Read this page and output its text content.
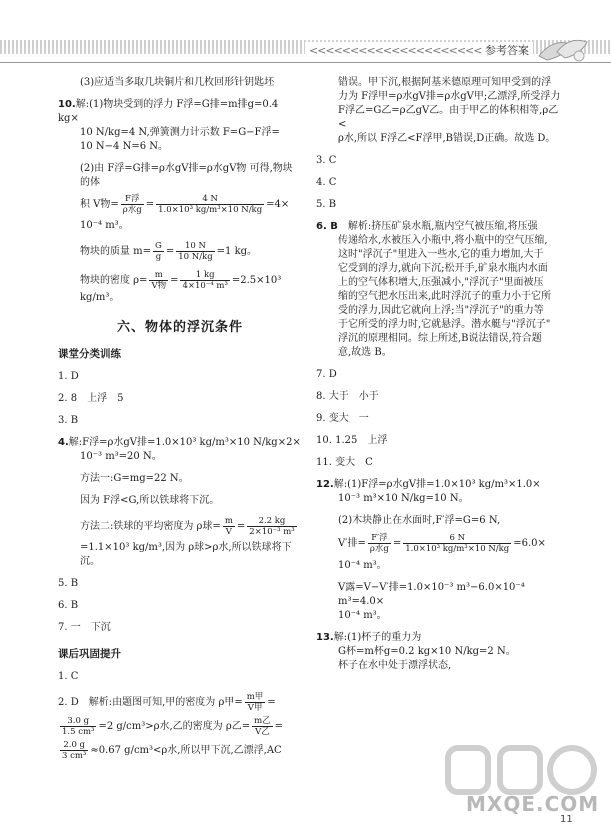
<<<<<<<<<<<<<<<<<<<<< 参考答案
(3)应适当多取几块铜片和几枚回形针钥匙坯
10.解:(1)物块受到的浮力 F浮=G排=m排g=0.4 kg×
10 N/kg=4 N,弹簧测力计示数 F=G−F浮=
10 N−4 N=6 N。
(2)由 F浮=G排=ρ水gV排=ρ水gV物 可得,物块的体
积 V物= $\frac{\text{F浮}}{\text{ρ水g}} = \frac{4 N}{\text{1.0×10³ kg/m³×10 N/kg}} =4\times$
10⁻⁴ m³。
物块的质量 $m= \frac{G}{g} = \frac{10 N}{10 N/kg} =1$ kg。
物块的密度 $\rho= \frac{m}{\text{V物}} = \frac{1 kg}{\text{4×10⁻⁴ m³}} =2.5\times 10^3$ kg/m³。
六、物体的浮沉条件
课堂分类训练
1. D
2. 8　上浮　5
3. B
4.解:F浮=ρ水gV排=1.0×10³ kg/m³×10 N/kg×2×
10⁻³ m³=20 N。
方法一:G=mg=22 N。
因为 F浮<G,所以铁球将下沉。
方法二:铁球的平均密度为 ρ球= $\frac{m}{V} = \frac{2.2 kg}{\text{2×10⁻³ m³}}$
=1.1×10³ kg/m³,因为 ρ球>ρ水,所以铁球将下沉。
5. B
6. B
7. 一　下沉
课后巩固提升
1. C
2. D　解析:由题图可知,甲的密度为 ρ甲= $\frac{\text{m甲}}{\text{V甲}}$ =
$\frac{3.0 g}{\text{1.5 cm³}} =2$ g/cm³>ρ水,乙的密度为 ρ乙= $\frac{\text{m乙}}{\text{V乙}}$ =
$\frac{2.0 g}{\text{3 cm³}} \approx 0.67$ g/cm³<ρ水,所以甲下沉,乙漂浮,AC
错误。甲下沉,根据阿基米德原理可知甲受到的浮
力为 F浮甲=ρ水gV排=ρ水gV甲;乙漂浮,所受浮力
F浮乙=G乙=ρ乙gV乙。由于甲乙的体积相等,ρ乙<
ρ水,所以 F浮乙<F浮甲,B错误,D正确。故选 D。
3. C
4. C
5. B
6. B　 解析:挤压矿泉水瓶,瓶内空气被压缩,将压强
传递给水,水被压入小瓶中,将小瓶中的空气压缩,
这时"浮沉子"里进入一些水,它的重力增加,大于
它受到的浮力,就向下沉;松开手,矿泉水瓶内水面
上的空气体积增大,压强减小,"浮沉子"里面被压
缩的空气把水压出来,此时浮沉子的重力小于它所
受的浮力,因此它就向上浮;当"浮沉子"的重力等
于它所受的浮力时,它就悬浮。潜水艇与"浮沉子"
浮沉的原理相同。综上所述,B说法错误,符合题
意,故选 B。
7. D
8. 大于　小于
9. 变大　一
10. 1.25　上浮
11. 变大　C
12.解:(1)F浮=ρ水gV排=1.0×10³ kg/m³×1.0×
10⁻³ m³×10 N/kg=10 N。
(2)木块静止在水面时,F′浮=G=6 N,
V′排= $\frac{\text{F′浮}}{\text{ρ水g}} = \frac{6 N}{\text{1.0×10³ kg/m³×10 N/kg}} =6.0\times$
10⁻⁴ m³。
V露=V−V′排=1.0×10⁻³ m³−6.0×10⁻⁴ m³=4.0×
10⁻⁴ m³。
13.解:(1)杯子的重力为
G杯=m杯g=0.2 kg×10 N/kg=2 N。
杯子在水中处于漂浮状态,
MXQE.COM
11
